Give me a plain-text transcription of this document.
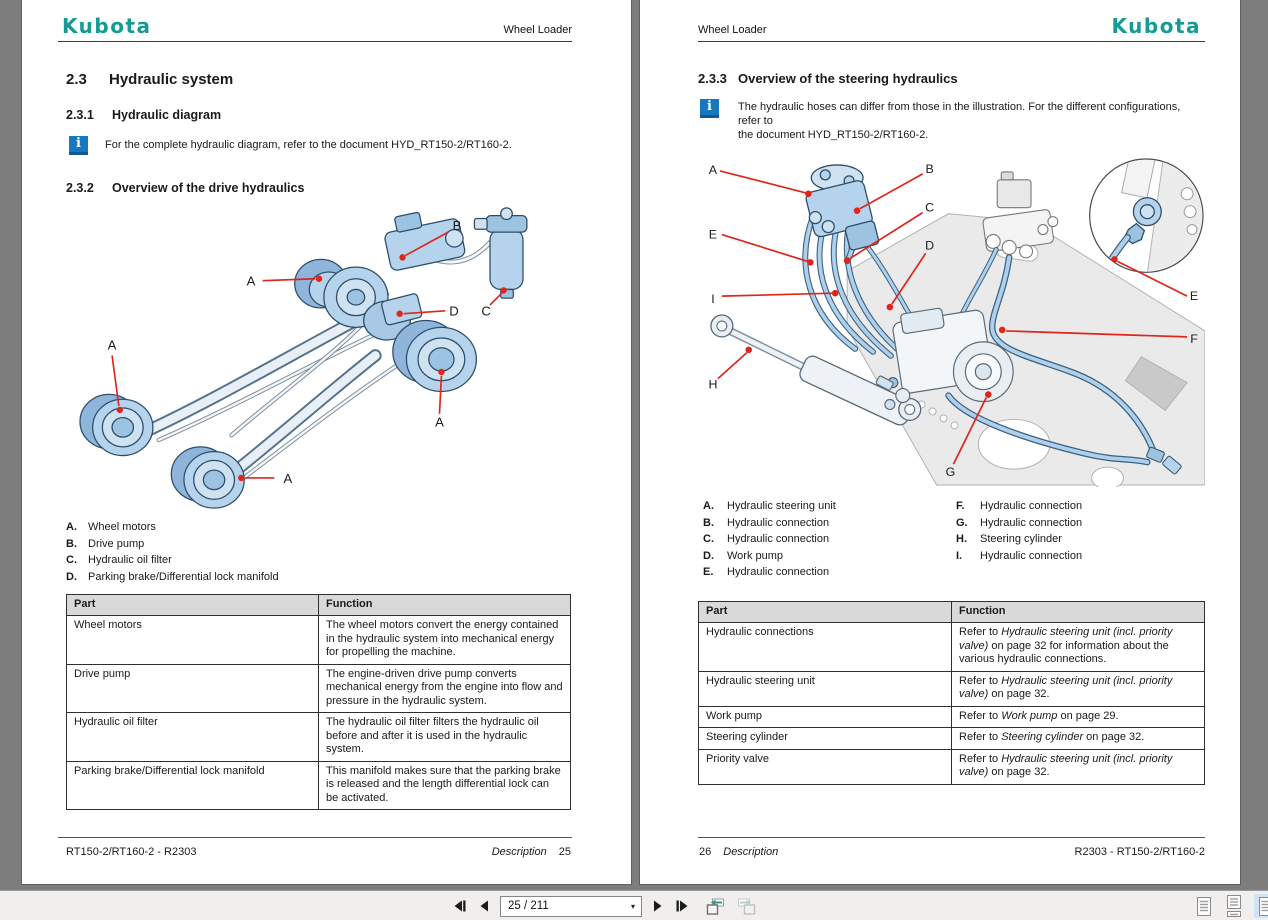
Kubota	Wheel Loader
2.3	Hydraulic system
2.3.1	Hydraulic diagram
i	For the complete hydraulic diagram, refer to the document HYD_RT150-2/RT160-2.
2.3.2	Overview of the drive hydraulics
A
A
A
A
B
C
D
A.	Wheel motors
B.	Drive pump
C.	Hydraulic oil filter
D.	Parking brake/Differential lock manifold
Part	Function
Wheel motors	The wheel motors convert the energy contained in the hydraulic system into mechanical energy for propelling the machine.
Drive pump	The engine-driven drive pump converts mechanical energy from the engine into flow and pressure in the hydraulic system.
Hydraulic oil filter	The hydraulic oil filter filters the hydraulic oil before and after it is used in the hydraulic system.
Parking brake/Differential lock manifold	This manifold makes sure that the parking brake is released and the length differential lock can be activated.
RT150-2/RT160-2 - R2303	Description 25
Wheel Loader	Kubota
2.3.3 Overview of the steering hydraulics
i	The hydraulic hoses can differ from those in the illustration. For the different configurations, refer to
the document HYD_RT150-2/RT160-2.
A	B
C
D
E
I
H
G
F
E
A.	Hydraulic steering unit
B.	Hydraulic connection
C.	Hydraulic connection
D.	Work pump
E.	Hydraulic connection
F.	Hydraulic connection
G.	Hydraulic connection
H.	Steering cylinder
I.	Hydraulic connection
Part	Function
Hydraulic connections	Refer to Hydraulic steering unit (incl. priority valve) on page 32 for information about the various hydraulic connections.
Hydraulic steering unit	Refer to Hydraulic steering unit (incl. priority valve) on page 32.
Work pump	Refer to Work pump on page 29.
Steering cylinder	Refer to Steering cylinder on page 32.
Priority valve	Refer to Hydraulic steering unit (incl. priority valve) on page 32.
26 Description	R2303 - RT150-2/RT160-2
25 / 211
▾
